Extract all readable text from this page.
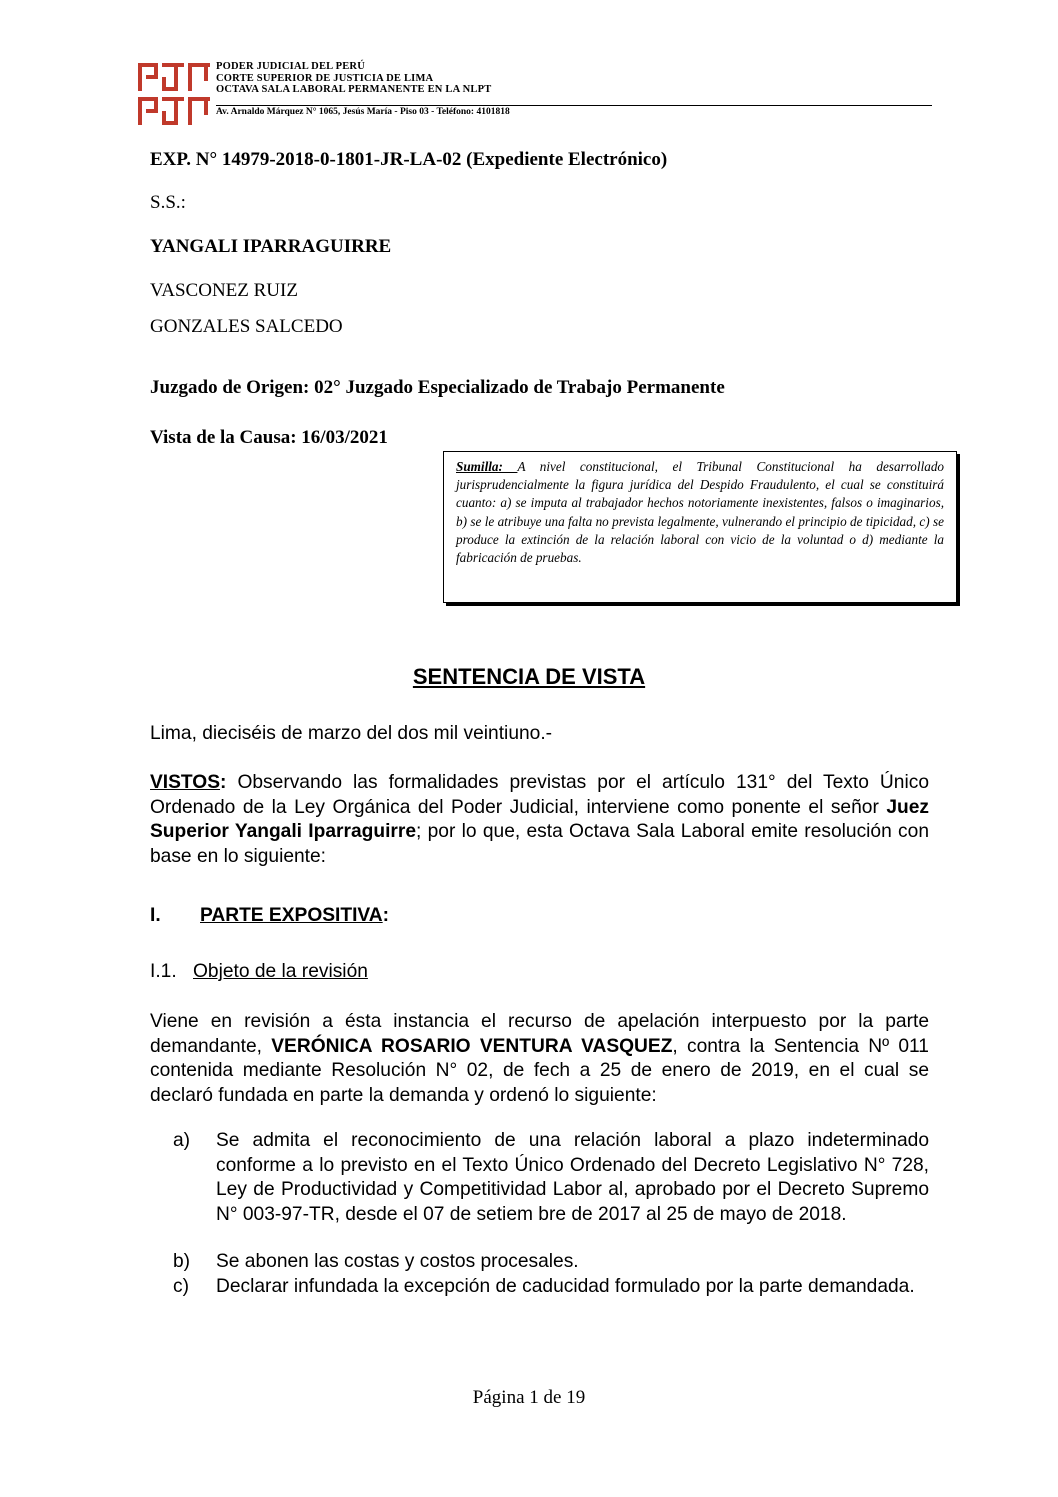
PODER JUDICIAL DEL PERÚ
CORTE SUPERIOR DE JUSTICIA DE LIMA
OCTAVA SALA LABORAL PERMANENTE EN LA NLPT
Av. Arnaldo Márquez N° 1065, Jesús María - Piso 03 - Teléfono: 4101818
EXP. N° 14979-2018-0-1801-JR-LA-02 (Expediente Electrónico)
S.S.:
YANGALI IPARRAGUIRRE
VASCONEZ RUIZ
GONZALES SALCEDO
Juzgado de Origen: 02° Juzgado Especializado de Trabajo Permanente
Vista de la Causa: 16/03/2021
Sumilla: A nivel constitucional, el Tribunal Constitucional ha desarrollado jurisprudencialmente la figura jurídica del Despido Fraudulento, el cual se constituirá cuanto: a) se imputa al trabajador hechos notoriamente inexistentes, falsos o imaginarios, b) se le atribuye una falta no prevista legalmente, vulnerando el principio de tipicidad, c) se produce la extinción de la relación laboral con vicio de la voluntad o d) mediante la fabricación de pruebas.
SENTENCIA DE VISTA
Lima, dieciséis de marzo del dos mil veintiuno.-
VISTOS: Observando las formalidades previstas por el artículo 131° del Texto Único Ordenado de la Ley Orgánica del Poder Judicial, interviene como ponente el señor Juez Superior Yangali Iparraguirre; por lo que, esta Octava Sala Laboral emite resolución con base en lo siguiente:
I. PARTE EXPOSITIVA:
I.1. Objeto de la revisión
Viene en revisión a ésta instancia el recurso de apelación interpuesto por la parte demandante, VERÓNICA ROSARIO VENTURA VASQUEZ, contra la Sentencia Nº 011 contenida mediante Resolución N° 02, de fech a 25 de enero de 2019, en el cual se declaró fundada en parte la demanda y ordenó lo siguiente:
a) Se admita el reconocimiento de una relación laboral a plazo indeterminado conforme a lo previsto en el Texto Único Ordenado del Decreto Legislativo N° 728, Ley de Productividad y Competitividad Labor al, aprobado por el Decreto Supremo N° 003-97-TR, desde el 07 de setiem bre de 2017 al 25 de mayo de 2018.
b) Se abonen las costas y costos procesales.
c) Declarar infundada la excepción de caducidad formulado por la parte demandada.
Página 1 de 19
